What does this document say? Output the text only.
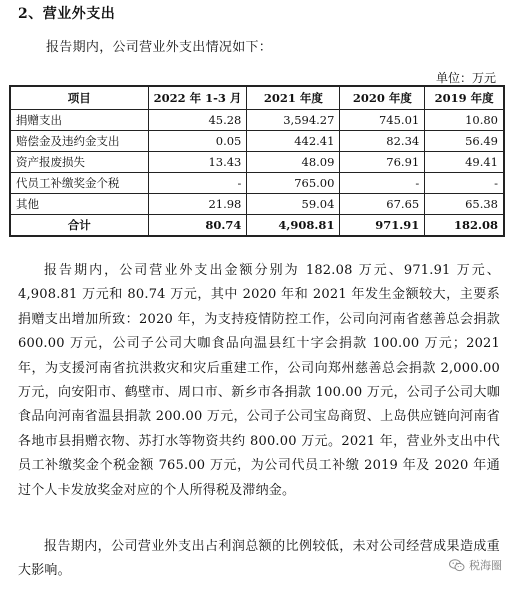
2、营业外支出
报告期内，公司营业外支出情况如下：
单位：万元
项目	2022 年 1-3 月	2021 年度	2020 年度	2019 年度
捐赠支出	45.28	3,594.27	745.01	10.80
赔偿金及违约金支出	0.05	442.41	82.34	56.49
资产报废损失	13.43	48.09	76.91	49.41
代员工补缴奖金个税	-	765.00	-	-
其他	21.98	59.04	67.65	65.38
合计	80.74	4,908.81	971.91	182.08
报告期内，公司营业外支出金额分别为 182.08 万元、971.91 万元、4,908.81 万元和 80.74 万元，其中 2020 年和 2021 年发生金额较大，主要系捐赠支出增加所致：2020 年，为支持疫情防控工作，公司向河南省慈善总会捐款 600.00 万元，公司子公司大咖食品向温县红十字会捐款 100.00 万元；2021 年，为支援河南省抗洪救灾和灾后重建工作，公司向郑州慈善总会捐款 2,000.00 万元，向安阳市、鹤壁市、周口市、新乡市各捐款 100.00 万元，公司子公司大咖食品向河南省温县捐款 200.00 万元，公司子公司宝岛商贸、上岛供应链向河南省各地市县捐赠衣物、苏打水等物资共约 800.00 万元。2021 年，营业外支出中代员工补缴奖金个税金额 765.00 万元，为公司代员工补缴 2019 年及 2020 年通过个人卡发放奖金对应的个人所得税及滞纳金。
报告期内，公司营业外支出占利润总额的比例较低，未对公司经营成果造成重大影响。	税海圈
